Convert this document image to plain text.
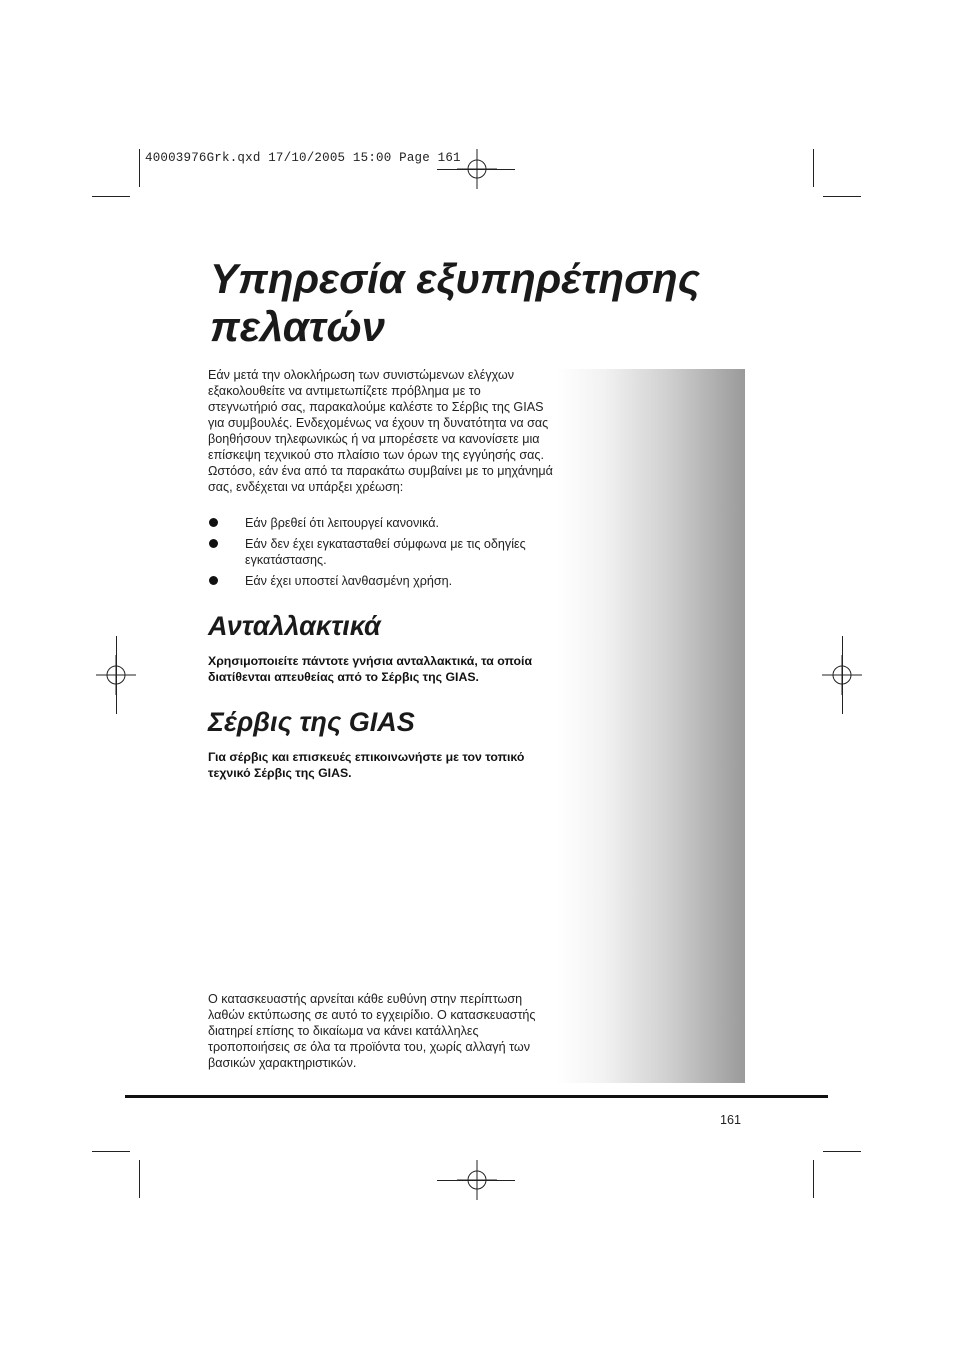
40003976Grk.qxd 17/10/2005 15:00 Page 161
Υπηρεσία εξυπηρέτησης πελατών
Εάν μετά την ολοκλήρωση των συνιστώμενων ελέγχων εξακολουθείτε να αντιμετωπίζετε πρόβλημα με το στεγνωτήριό σας, παρακαλούμε καλέστε το Σέρβις της GIAS για συμβουλές. Ενδεχομένως να έχουν τη δυνατότητα να σας βοηθήσουν τηλεφωνικώς ή να μπορέσετε να κανονίσετε μια επίσκεψη τεχνικού στο πλαίσιο των όρων της εγγύησής σας. Ωστόσο, εάν ένα από τα παρακάτω συμβαίνει με το μηχάνημά σας, ενδέχεται να υπάρξει χρέωση:
Εάν βρεθεί ότι λειτουργεί κανονικά.
Εάν δεν έχει εγκατασταθεί σύμφωνα με τις οδηγίες εγκατάστασης.
Εάν έχει υποστεί λανθασμένη χρήση.
Ανταλλακτικά
Χρησιμοποιείτε πάντοτε γνήσια ανταλλακτικά, τα οποία διατίθενται απευθείας από το Σέρβις της GIAS.
Σέρβις της GIAS
Για σέρβις και επισκευές επικοινωνήστε με τον τοπικό τεχνικό Σέρβις της GIAS.
Ο κατασκευαστής αρνείται κάθε ευθύνη στην περίπτωση λαθών εκτύπωσης σε αυτό το εγχειρίδιο. Ο κατασκευαστής διατηρεί επίσης το δικαίωμα να κάνει κατάλληλες τροποποιήσεις σε όλα τα προϊόντα του, χωρίς αλλαγή των βασικών χαρακτηριστικών.
161
